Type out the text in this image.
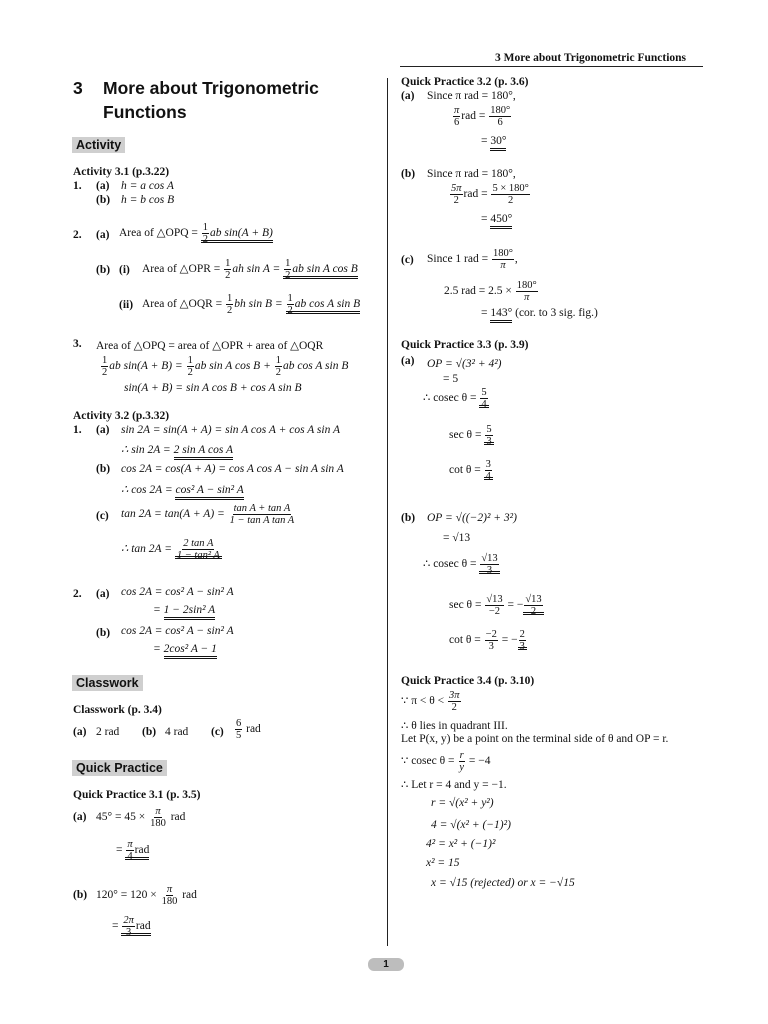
3 More about Trigonometric Functions
3 More about Trigonometric
Functions
Activity
Activity 3.1 (p.3.22)
1. (a) h = a cos A
(b) h = b cos B
2. (a) Area of △OPQ = $\frac{1}{2}$ ab sin(A + B)
(b) (i) Area of △OPR = $\frac{1}{2}$ ah $\sin A = \frac{1}{2}$ ab sin A cos B
(ii) Area of △OQR = $\frac{1}{2}$ bh $\sin B = \frac{1}{2}$ ab cos A sin B
3. Area of △OPQ = area of △OPR + area of △OQR
$\frac{1}{2}$ ab $\sin(A + B) = \frac{1}{2}$ ab sin A $\cos B + \frac{1}{2}$ ab cos A sin B
sin(A + B) = sin A cos B + cos A sin B
Activity 3.2 (p.3.32)
1. (a) sin 2A = sin(A + A) = sin A cos A + cos A sin A
∴ sin 2A = 2 sin A cos A
(b) cos 2A = cos(A + A) = cos A cos A − sin A sin A
∴ cos 2A = cos² A − sin² A
(c) $\tan 2A = \tan(A + A) = \frac{\text{tan A + tan A}}{\text{1 − tan A tan A}}$
∴ $\tan 2A = \frac{\text{2 tan A}}{\text{1 − tan² A}}$
2. (a) cos 2A = cos² A − sin² A
= 1 − 2sin² A
(b) cos 2A = cos² A − sin² A
= 2cos² A − 1
Classwork
Classwork (p. 3.4)
(a) 2 rad (b) 4 rad $(c) \frac{6}{5}$ rad
Quick Practice
Quick Practice 3.1 (p. 3.5)
(a) $45^\circ = 45 \times \frac{\pi}{180}$ rad
= $\frac{\pi}{4}$ rad
(b) $120^\circ = 120 \times \frac{\pi}{180}$ rad
= $\frac{2\pi}{3}$ rad
Quick Practice 3.2 (p. 3.6)
(a) Since π rad = 180°,
$\frac{\pi}{6}$ rad = $\frac{180^\circ}{6}$
= 30°
(b) Since π rad = 180°,
$\frac{5\pi}{2}$ rad = $\frac{5 \times 180^\circ}{2}$
= 450°
(c) Since 1 rad = $\frac{180^\circ}{\pi}$ ,
2.5 rad = $2.5 \times \frac{180^\circ}{\pi}$
= 143° (cor. to 3 sig. fig.)
Quick Practice 3.3 (p. 3.9)
(a) OP = √(3² + 4²)
= 5
∴ cosec $\theta = \frac{5}{4}$
$\sec \theta = \frac{5}{3}$
$\cot \theta = \frac{3}{4}$
(b) OP = √((−2)² + 3²)
= √13
∴ cosec $\theta = \frac{√13}{3}$
$\sec \theta = \frac{√13}{-2}$ = − $\frac{√13}{2}$
$\cot \theta = \frac{-2}{3}$ = − $\frac{2}{3}$
Quick Practice 3.4 (p. 3.10)
∵ $\pi < \theta < \frac{3\pi}{2}$
∴ θ lies in quadrant III.
Let P(x, y) be a point on the terminal side of θ and OP = r.
∵ cosec $\theta = \frac{r}{y} = -4$
∴ Let r = 4 and y = −1.
r = √(x² + y²)
4 = √(x² + (−1)²)
4² = x² + (−1)²
x² = 15
x = √15 (rejected) or x = −√15
1
